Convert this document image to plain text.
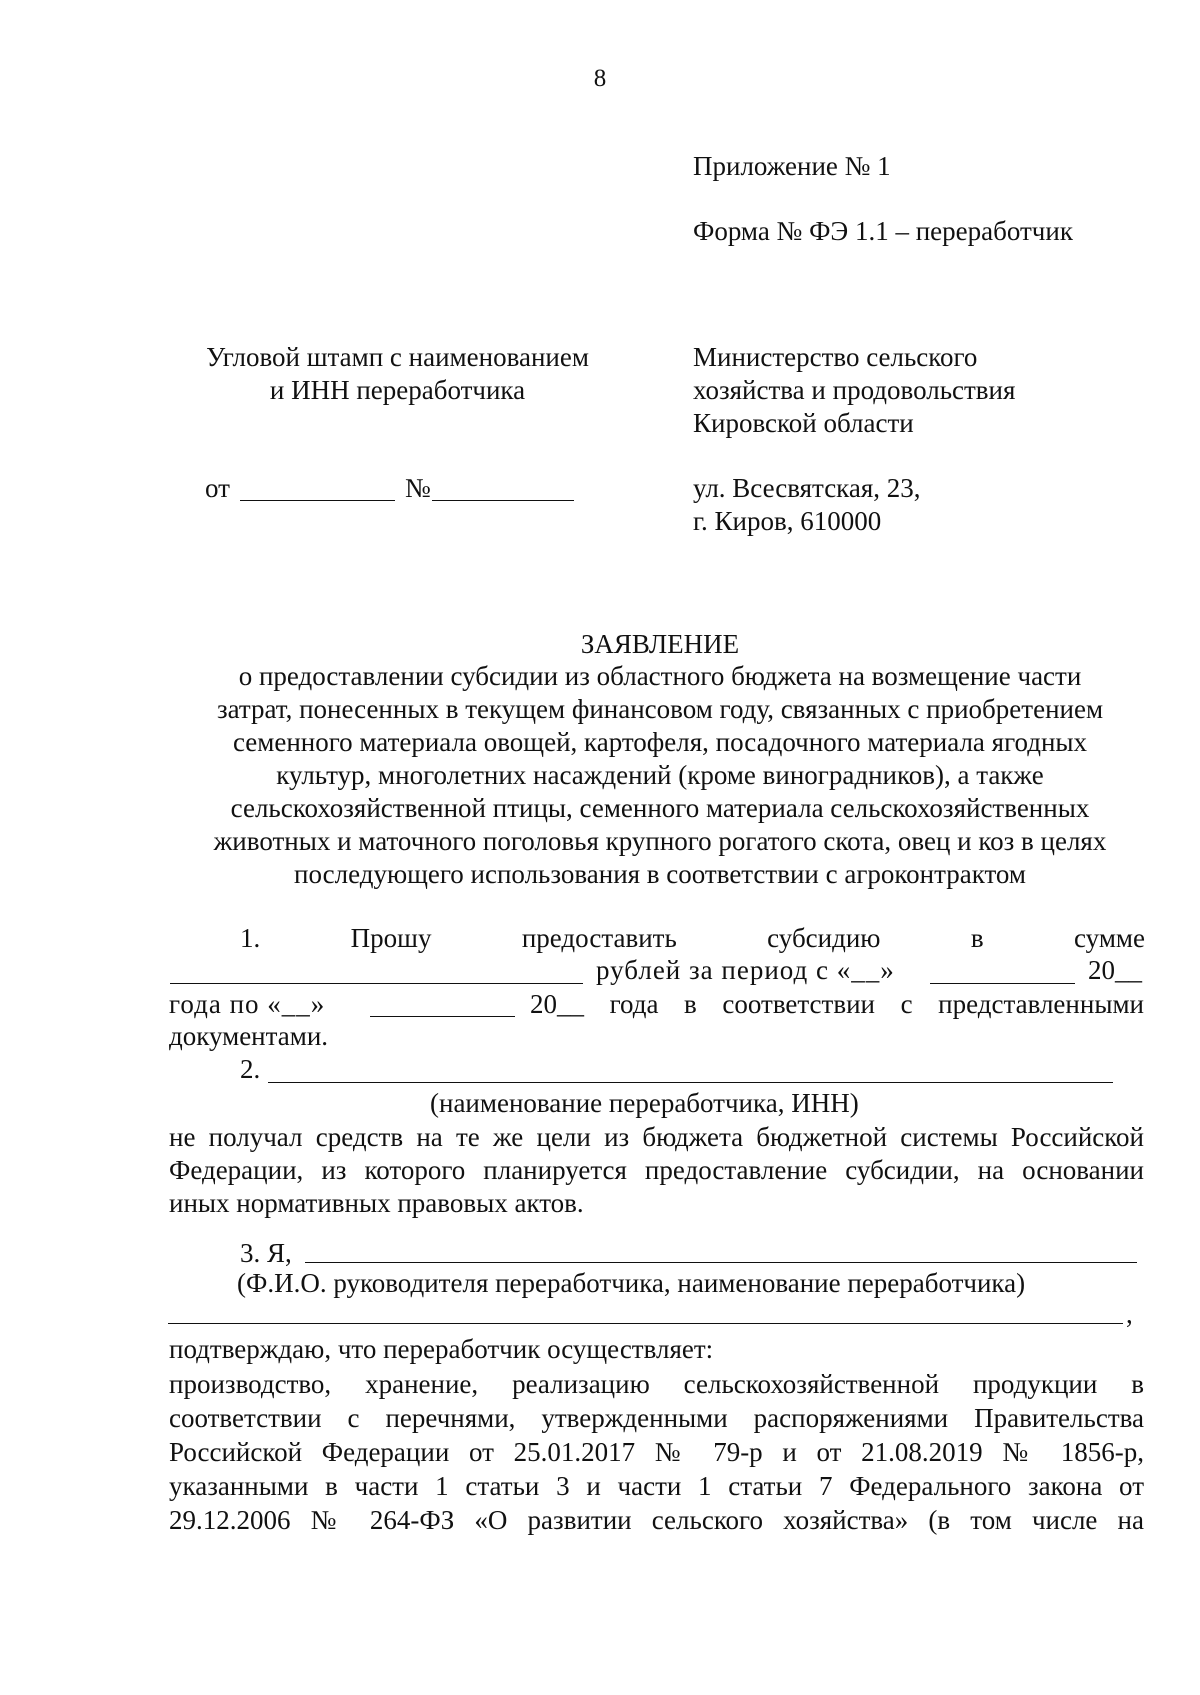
8
Приложение № 1
Форма № ФЭ 1.1 – переработчик
Угловой штамп с наименованием
и ИНН переработчика
от	№
Министерство сельского
хозяйства и продовольствия
Кировской области
ул. Всесвятская, 23,
г. Киров, 610000
ЗАЯВЛЕНИЕ
о предоставлении субсидии из областного бюджета на возмещение части
затрат, понесенных в текущем финансовом году, связанных с приобретением
семенного материала овощей, картофеля, посадочного материала ягодных
культур, многолетних насаждений (кроме виноградников), а также
сельскохозяйственной птицы, семенного материала сельскохозяйственных
животных и маточного поголовья крупного рогатого скота, овец и коз в целях
последующего использования в соответствии с агроконтрактом
1.	Прошу	предоставить	субсидию	в	сумме
рублей за период с «__»	20__
года по «__»	20__ года в соответствии с представленными
документами.
2.
(наименование переработчика, ИНН)
не получал средств на те же цели из бюджета бюджетной системы Российской
Федерации, из которого планируется предоставление субсидии, на основании
иных нормативных правовых актов.
3. Я,
(Ф.И.О. руководителя переработчика, наименование переработчика)
,
подтверждаю, что переработчик осуществляет:
производство, хранение, реализацию сельскохозяйственной продукции в
соответствии с перечнями, утвержденными распоряжениями Правительства
Российской Федерации от 25.01.2017 № 79-р и от 21.08.2019 № 1856-р,
указанными в части 1 статьи 3 и части 1 статьи 7 Федерального закона от
29.12.2006 № 264-ФЗ «О развитии сельского хозяйства» (в том числе на
